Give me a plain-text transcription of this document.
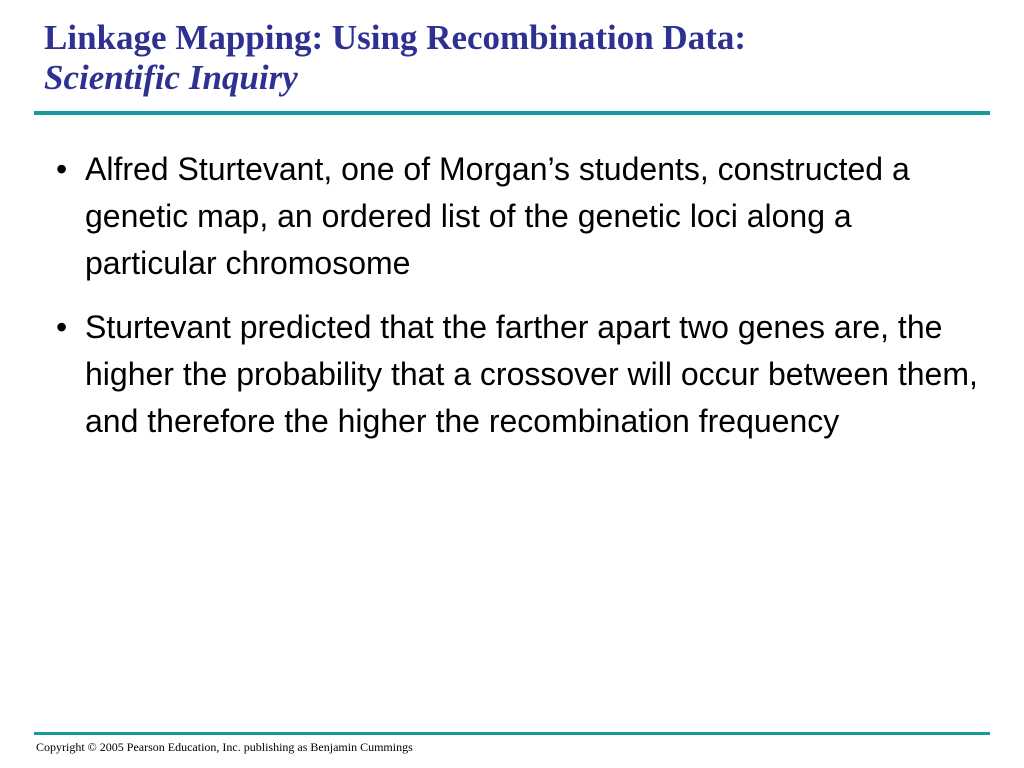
Linkage Mapping: Using Recombination Data:
Scientific Inquiry
• Alfred Sturtevant, one of Morgan’s students, constructed a genetic map, an ordered list of the genetic loci along a particular chromosome
• Sturtevant predicted that the farther apart two genes are, the higher the probability that a crossover will occur between them, and therefore the higher the recombination frequency
Copyright © 2005 Pearson Education, Inc. publishing as Benjamin Cummings
